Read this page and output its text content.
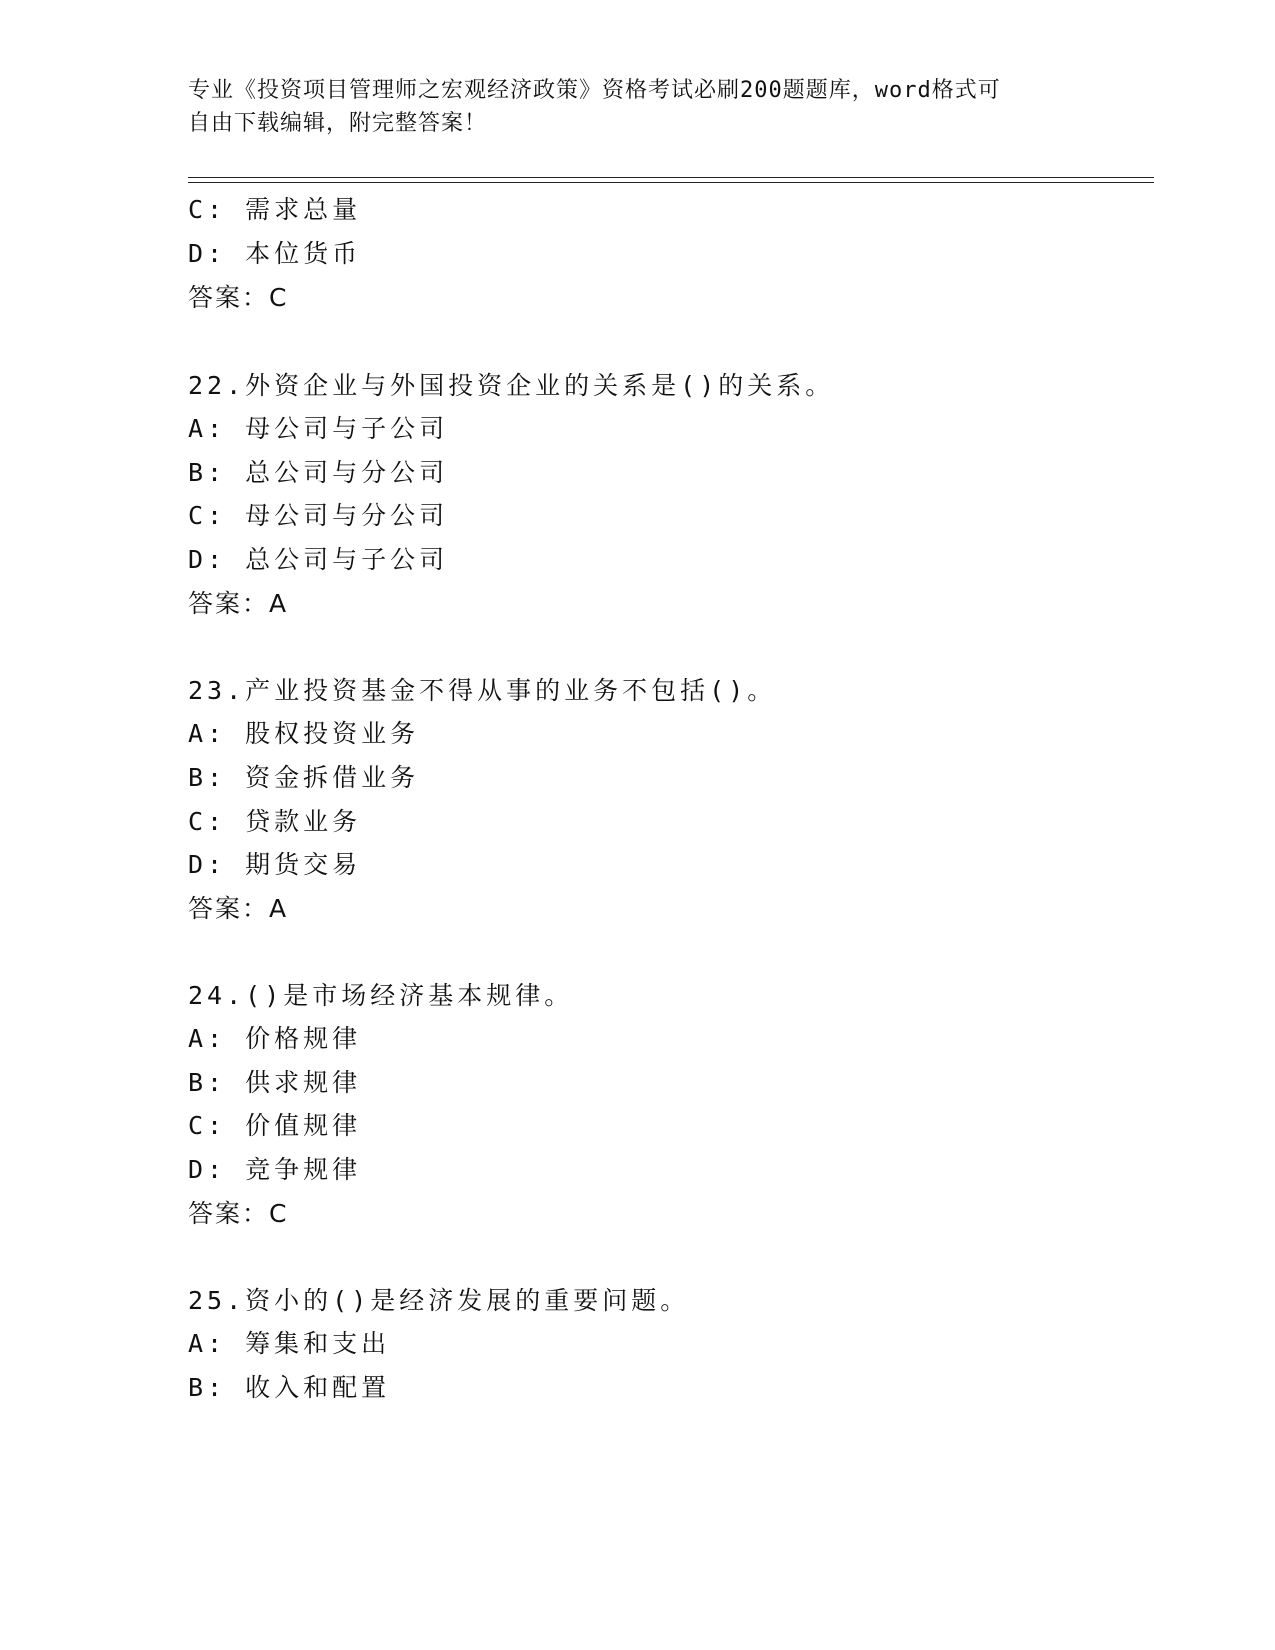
专业《投资项目管理师之宏观经济政策》资格考试必刷200题题库，word格式可
自由下载编辑，附完整答案！
C: 需求总量
D: 本位货币
答案：C
22.外资企业与外国投资企业的关系是()的关系。
A: 母公司与子公司
B: 总公司与分公司
C: 母公司与分公司
D: 总公司与子公司
答案：A
23.产业投资基金不得从事的业务不包括()。
A: 股权投资业务
B: 资金拆借业务
C: 贷款业务
D: 期货交易
答案：A
24.()是市场经济基本规律。
A: 价格规律
B: 供求规律
C: 价值规律
D: 竞争规律
答案：C
25.资小的()是经济发展的重要问题。
A: 筹集和支出
B: 收入和配置
